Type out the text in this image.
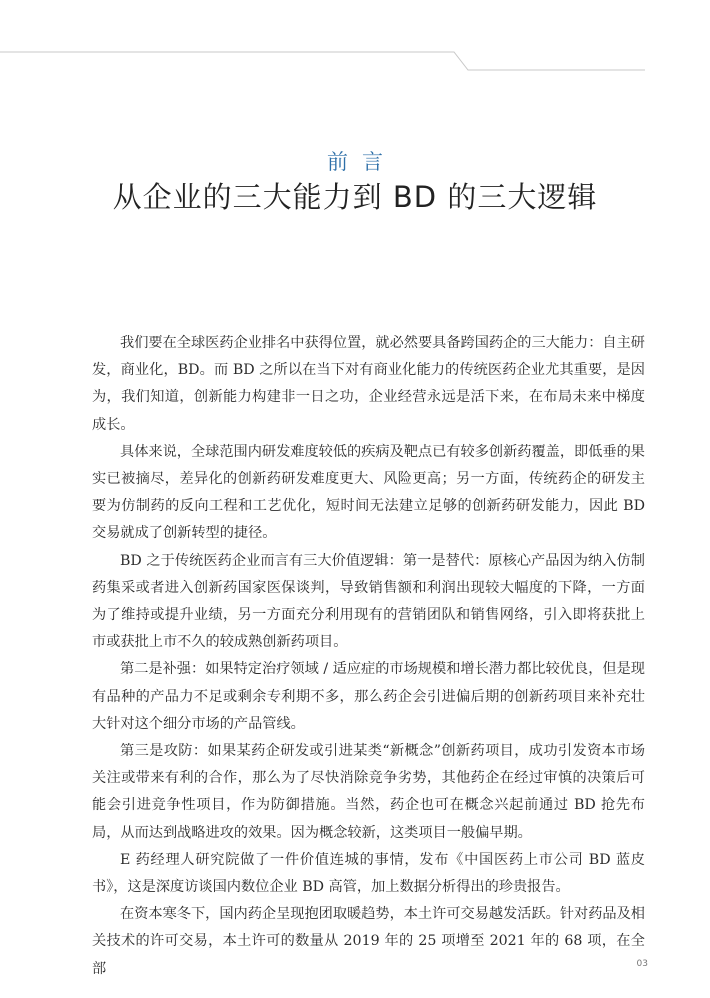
前言
从企业的三大能力到 BD 的三大逻辑

我们要在全球医药企业排名中获得位置，就必然要具备跨国药企的三大能力：自主研发，商业化，BD。而 BD 之所以在当下对有商业化能力的传统医药企业尤其重要，是因为，我们知道，创新能力构建非一日之功，企业经营永远是活下来，在布局未来中梯度成长。

具体来说，全球范围内研发难度较低的疾病及靶点已有较多创新药覆盖，即低垂的果实已被摘尽，差异化的创新药研发难度更大、风险更高；另一方面，传统药企的研发主要为仿制药的反向工程和工艺优化，短时间无法建立足够的创新药研发能力，因此 BD 交易就成了创新转型的捷径。

BD 之于传统医药企业而言有三大价值逻辑：第一是替代：原核心产品因为纳入仿制药集采或者进入创新药国家医保谈判，导致销售额和利润出现较大幅度的下降，一方面为了维持或提升业绩，另一方面充分利用现有的营销团队和销售网络，引入即将获批上市或获批上市不久的较成熟创新药项目。

第二是补强：如果特定治疗领域 / 适应症的市场规模和增长潜力都比较优良，但是现有品种的产品力不足或剩余专利期不多，那么药企会引进偏后期的创新药项目来补充壮大针对这个细分市场的产品管线。

第三是攻防：如果某药企研发或引进某类“新概念”创新药项目，成功引发资本市场关注或带来有利的合作，那么为了尽快消除竞争劣势，其他药企在经过审慎的决策后可能会引进竞争性项目，作为防御措施。当然，药企也可在概念兴起前通过 BD 抢先布局，从而达到战略进攻的效果。因为概念较新，这类项目一般偏早期。

E 药经理人研究院做了一件价值连城的事情，发布《中国医药上市公司 BD 蓝皮书》，这是深度访谈国内数位企业 BD 高管，加上数据分析得出的珍贵报告。

在资本寒冬下，国内药企呈现抱团取暖趋势，本土许可交易越发活跃。针对药品及相关技术的许可交易，本土许可的数量从 2019 年的 25 项增至 2021 年的 68 项，在全部	03
